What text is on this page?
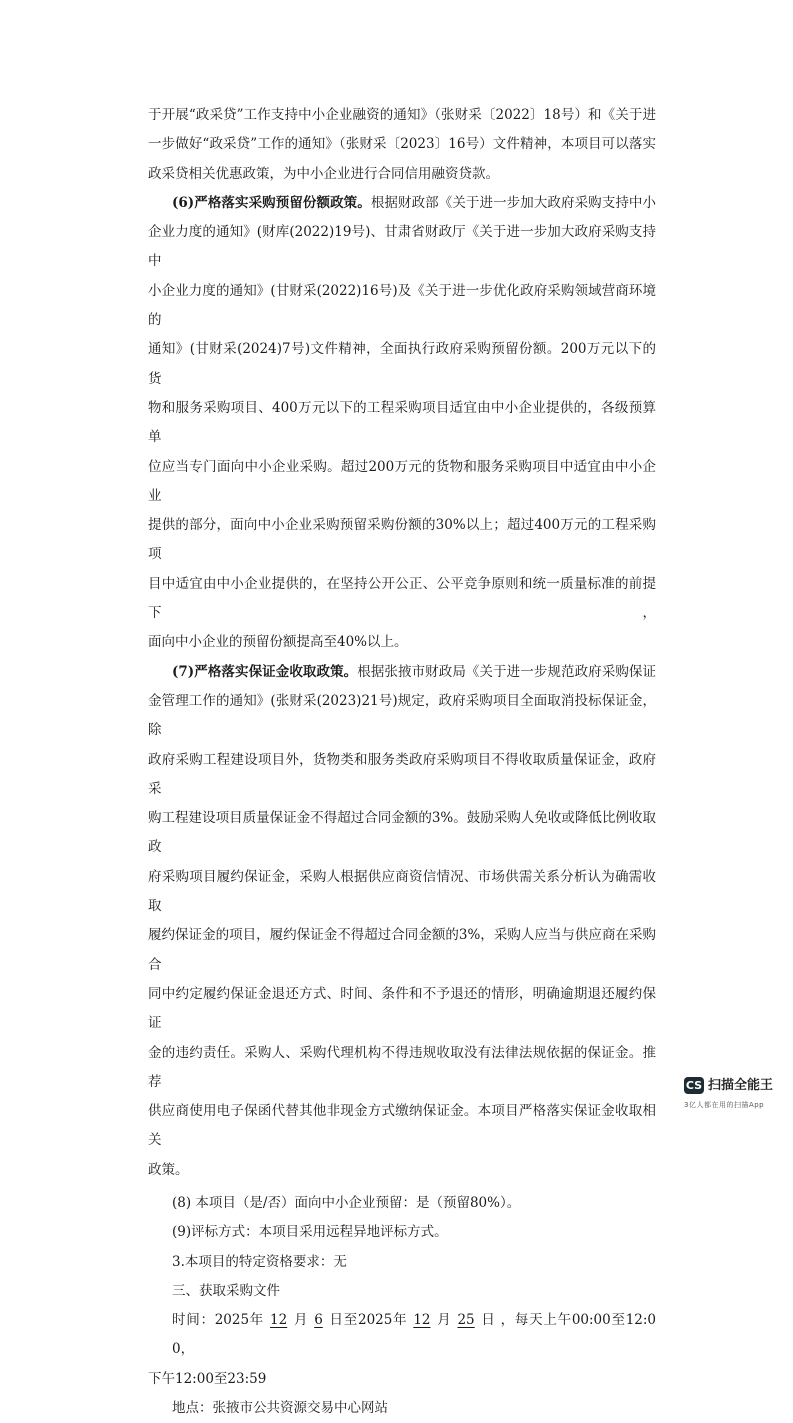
于开展“政采贷”工作支持中小企业融资的通知》（张财采〔2022〕18号）和《关于进
一步做好“政采贷”工作的通知》（张财采〔2023〕16号）文件精神，本项目可以落实
政采贷相关优惠政策，为中小企业进行合同信用融资贷款。
(6)严格落实采购预留份额政策。根据财政部《关于进一步加大政府采购支持中小
企业力度的通知》(财库(2022)19号)、甘肃省财政厅《关于进一步加大政府采购支持中
小企业力度的通知》(甘财采(2022)16号)及《关于进一步优化政府采购领域营商环境的
通知》(甘财采(2024)7号)文件精神，全面执行政府采购预留份额。200万元以下的货
物和服务采购项目、400万元以下的工程采购项目适宜由中小企业提供的，各级预算单
位应当专门面向中小企业采购。超过200万元的货物和服务采购项目中适宜由中小企业
提供的部分，面向中小企业采购预留采购份额的30%以上；超过400万元的工程采购项
目中适宜由中小企业提供的，在坚持公开公正、公平竞争原则和统一质量标准的前提下，
面向中小企业的预留份额提高至40%以上。
(7)严格落实保证金收取政策。根据张掖市财政局《关于进一步规范政府采购保证
金管理工作的通知》(张财采(2023)21号)规定，政府采购项目全面取消投标保证金，除
政府采购工程建设项目外，货物类和服务类政府采购项目不得收取质量保证金，政府采
购工程建设项目质量保证金不得超过合同金额的3%。鼓励采购人免收或降低比例收取政
府采购项目履约保证金，采购人根据供应商资信情况、市场供需关系分析认为确需收取
履约保证金的项目，履约保证金不得超过合同金额的3%，采购人应当与供应商在采购合
同中约定履约保证金退还方式、时间、条件和不予退还的情形，明确逾期退还履约保证
金的违约责任。采购人、采购代理机构不得违规收取没有法律法规依据的保证金。推荐
供应商使用电子保函代替其他非现金方式缴纳保证金。本项目严格落实保证金收取相关
政策。
(8) 本项目（是/否）面向中小企业预留：是（预留80%）。
(9)评标方式：本项目采用远程异地评标方式。
3.本项目的特定资格要求：无
三、获取采购文件
时间：2025年 12 月 6 日至2025年 12 月 25 日 ，每天上午00:00至12:00，
下午12:00至23:59
地点：张掖市公共资源交易中心网站
CS 扫描全能王
3亿人都在用的扫描App
